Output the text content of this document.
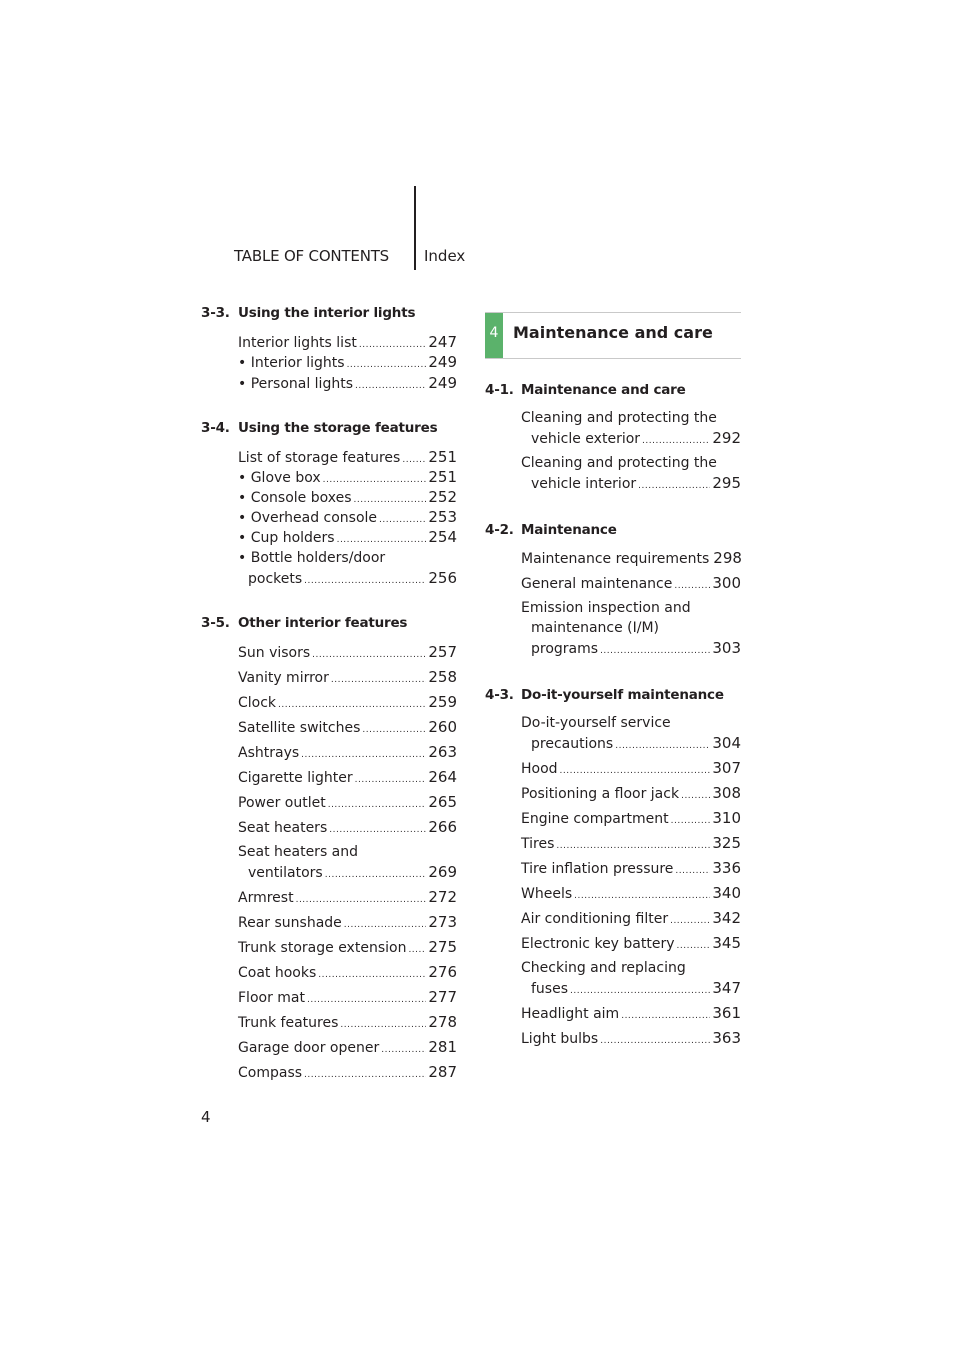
TABLE OF CONTENTS Index
3-3. Using the interior lights
Interior lights list .....	247
• Interior lights .....	249
• Personal lights .....	249
3-4. Using the storage features
List of storage features ..... 251
• Glove box .....	251
• Console boxes .....	252
• Overhead console .....	253
• Cup holders .....	254
• Bottle holders/door
pockets .....	256
3-5. Other interior features
Sun visors .....	257
Vanity mirror .....	258
Clock .....	259
Satellite switches .....	260
Ashtrays .....	263
Cigarette lighter .....	264
Power outlet .....	265
Seat heaters .....	266
Seat heaters and
ventilators .....	269
Armrest .....	272
Rear sunshade .....	273
Trunk storage extension ..... 275
Coat hooks .....	276
Floor mat .....	277
Trunk features .....	278
Garage door opener .....	281
Compass .....	287
4 Maintenance and care
4-1. Maintenance and care
Cleaning and protecting the
vehicle exterior .....	292
Cleaning and protecting the
vehicle interior .....	295
4-2. Maintenance
Maintenance requirements 298
General maintenance .....	300
Emission inspection and
maintenance (I/M)
programs .....	303
4-3. Do-it-yourself maintenance
Do-it-yourself service
precautions .....	304
Hood .....	307
Positioning a floor jack ..... 308
Engine compartment .....	310
Tires .....	325
Tire inflation pressure .....	336
Wheels .....	340
Air conditioning filter .....	342
Electronic key battery .....	345
Checking and replacing
fuses .....	347
Headlight aim .....	361
Light bulbs .....	363
4
